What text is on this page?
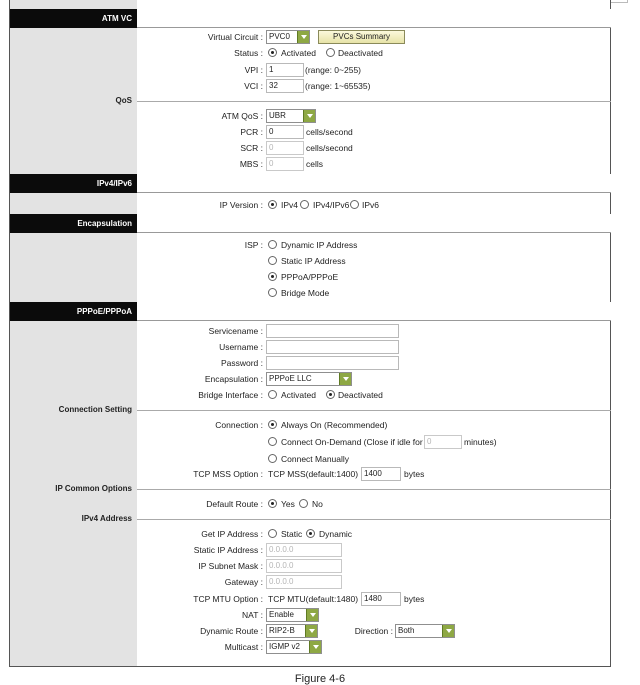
ATM VC
Virtual Circuit : PVC0	PVCs Summary
Status : Activated	Deactivated
VPI : 1	(range: 0~255)
VCI : 32	(range: 1~65535)
QoS
ATM QoS : UBR
PCR : 0	cells/second
SCR : 0	cells/second
MBS : 0	cells
IPv4/IPv6
IP Version : IPv4 IPv4/IPv6 IPv6
Encapsulation
ISP : Dynamic IP Address
Static IP Address
PPPoA/PPPoE
Bridge Mode
PPPoE/PPPoA
Servicename :
Username :
Password :
Encapsulation : PPPoE LLC
Bridge Interface : Activated	Deactivated
Connection Setting
Connection : Always On (Recommended)
Connect On-Demand (Close if idle for 0	minutes)
Connect Manually
TCP MSS Option : TCP MSS(default:1400) 1400	bytes
IP Common Options
Default Route : Yes No
IPv4 Address
Get IP Address : Static Dynamic
Static IP Address : 0.0.0.0
IP Subnet Mask : 0.0.0.0
Gateway : 0.0.0.0
TCP MTU Option : TCP MTU(default:1480) 1480	bytes
NAT : Enable
Dynamic Route : RIP2-B	Direction : Both
Multicast : IGMP v2
Figure 4-6
